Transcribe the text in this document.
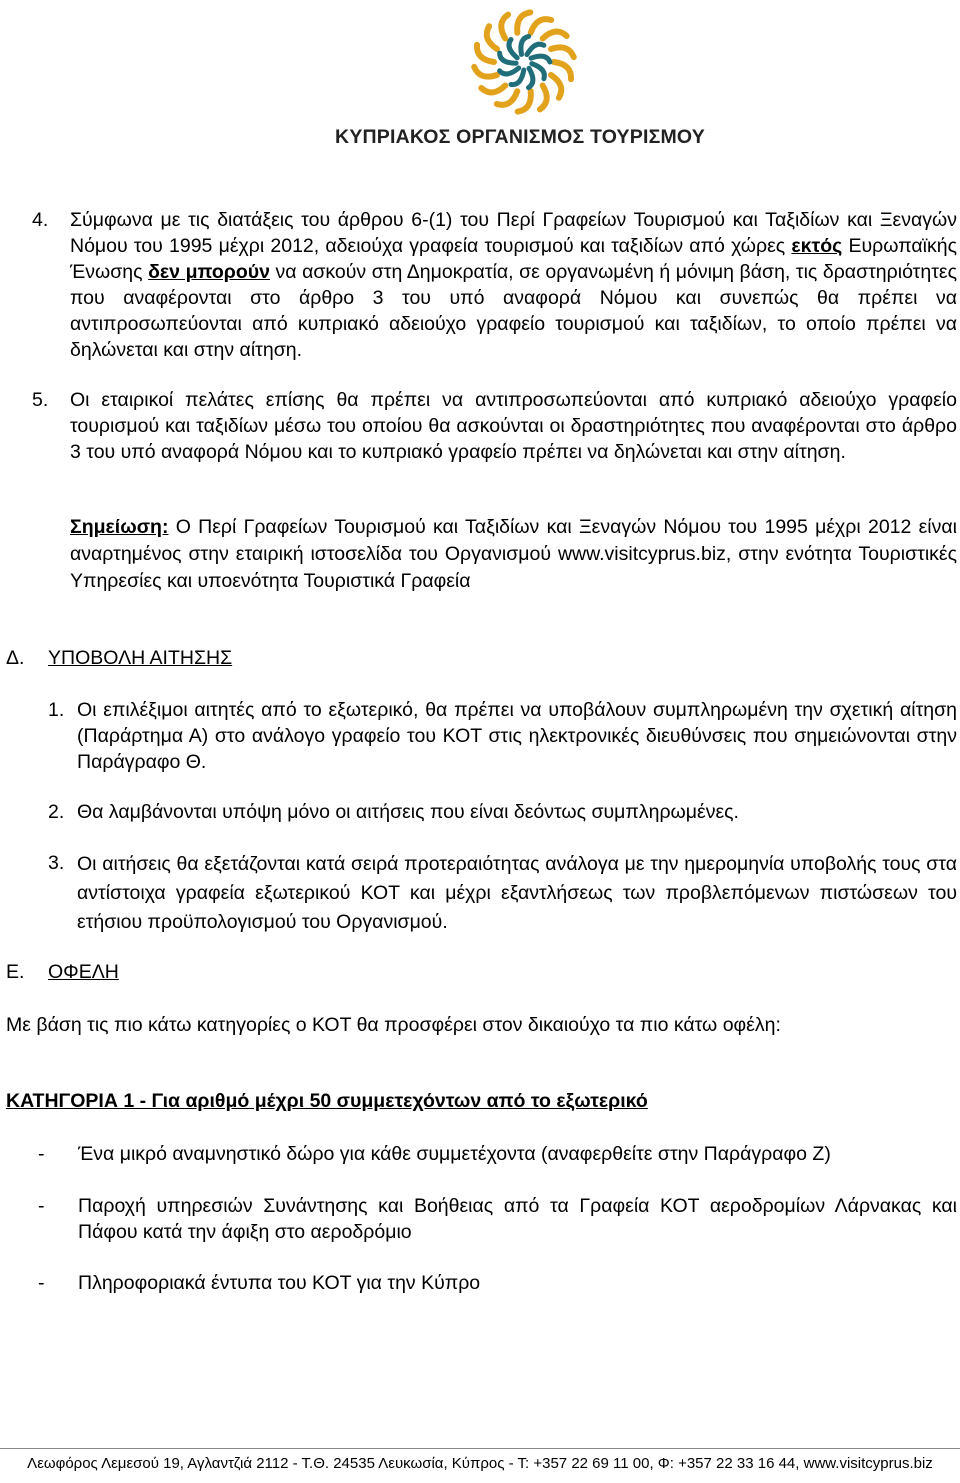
ΚΥΠΡΙΑΚΟΣ ΟΡΓΑΝΙΣΜΟΣ ΤΟΥΡΙΣΜΟΥ
4. Σύμφωνα με τις διατάξεις του άρθρου 6-(1) του Περί Γραφείων Τουρισμού και Ταξιδίων και Ξεναγών Νόμου του 1995 μέχρι 2012, αδειούχα γραφεία τουρισμού και ταξιδίων από χώρες εκτός Ευρωπαϊκής Ένωσης δεν μπορούν να ασκούν στη Δημοκρατία, σε οργανωμένη ή μόνιμη βάση, τις δραστηριότητες που αναφέρονται στο άρθρο 3 του υπό αναφορά Νόμου και συνεπώς θα πρέπει να αντιπροσωπεύονται από κυπριακό αδειούχο γραφείο τουρισμού και ταξιδίων, το οποίο πρέπει να δηλώνεται και στην αίτηση.
5. Οι εταιρικοί πελάτες επίσης θα πρέπει να αντιπροσωπεύονται από κυπριακό αδειούχο γραφείο τουρισμού και ταξιδίων μέσω του οποίου θα ασκούνται οι δραστηριότητες που αναφέρονται στο άρθρο 3 του υπό αναφορά Νόμου και το κυπριακό γραφείο πρέπει να δηλώνεται και στην αίτηση.
Σημείωση: Ο Περί Γραφείων Τουρισμού και Ταξιδίων και Ξεναγών Νόμου του 1995 μέχρι 2012 είναι αναρτημένος στην εταιρική ιστοσελίδα του Οργανισμού www.visitcyprus.biz, στην ενότητα Τουριστικές Υπηρεσίες και υποενότητα Τουριστικά Γραφεία
Δ. ΥΠΟΒΟΛΗ ΑΙΤΗΣΗΣ
1. Οι επιλέξιμοι αιτητές από το εξωτερικό, θα πρέπει να υποβάλουν συμπληρωμένη την σχετική αίτηση (Παράρτημα Α) στο ανάλογο γραφείο του ΚΟΤ στις ηλεκτρονικές διευθύνσεις που σημειώνονται στην Παράγραφο Θ.
2. Θα λαμβάνονται υπόψη μόνο οι αιτήσεις που είναι δεόντως συμπληρωμένες.
3. Οι αιτήσεις θα εξετάζονται κατά σειρά προτεραιότητας ανάλογα με την ημερομηνία υποβολής τους στα αντίστοιχα γραφεία εξωτερικού ΚΟΤ και μέχρι εξαντλήσεως των προβλεπόμενων πιστώσεων του ετήσιου προϋπολογισμού του Οργανισμού.
Ε. ΟΦΕΛΗ
Με βάση τις πιο κάτω κατηγορίες ο ΚΟΤ θα προσφέρει στον δικαιούχο τα πιο κάτω οφέλη:
ΚΑΤΗΓΟΡΙΑ 1 - Για αριθμό μέχρι 50 συμμετεχόντων από το εξωτερικό
- Ένα μικρό αναμνηστικό δώρο για κάθε συμμετέχοντα (αναφερθείτε στην Παράγραφο Ζ)
- Παροχή υπηρεσιών Συνάντησης και Βοήθειας από τα Γραφεία ΚΟΤ αεροδρομίων Λάρνακας και Πάφου κατά την άφιξη στο αεροδρόμιο
- Πληροφοριακά έντυπα του ΚΟΤ για την Κύπρο
Λεωφόρος Λεμεσού 19, Αγλαντζιά 2112 - Τ.Θ. 24535 Λευκωσία, Κύπρος - Τ: +357 22 69 11 00, Φ: +357 22 33 16 44, www.visitcyprus.biz
